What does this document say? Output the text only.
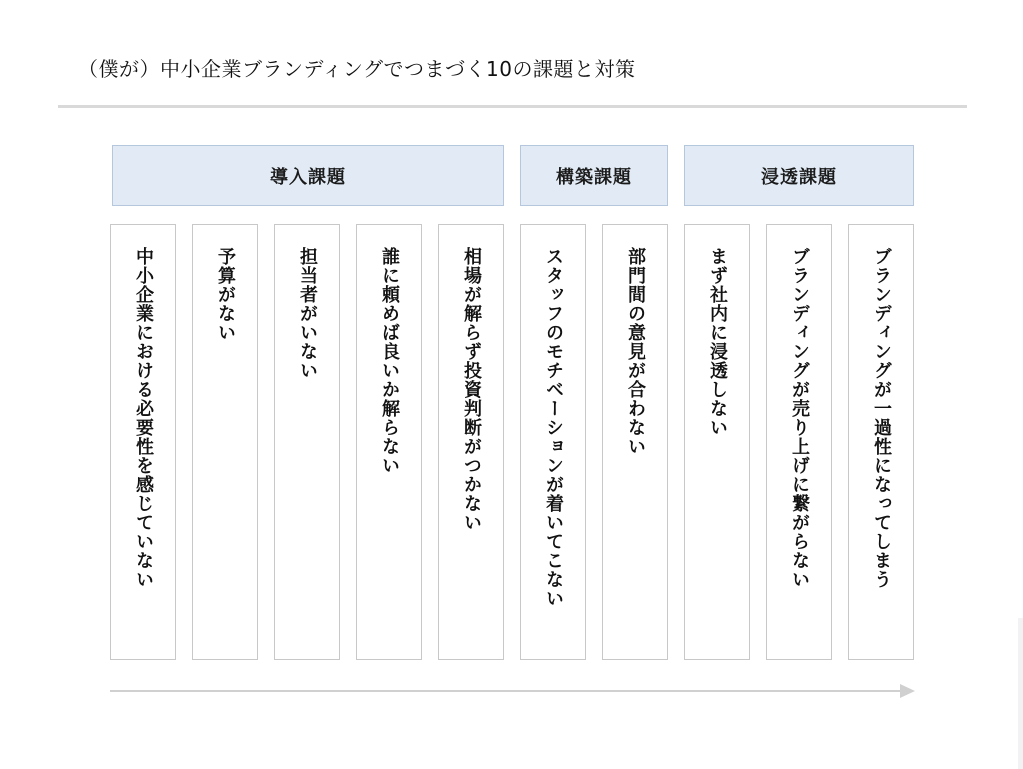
（僕が）中小企業ブランディングでつまづく10の課題と対策
導入課題	構築課題	浸透課題
中小企業における必要性を感じていない	予算がない	担当者がいない	誰に頼めば良いか解らない	相場が解らず投資判断がつかない	スタッフのモチベーションが着いてこない	部門間の意見が合わない	まず社内に浸透しない	ブランディングが売り上げに繋がらない	ブランディングが一過性になってしまう
